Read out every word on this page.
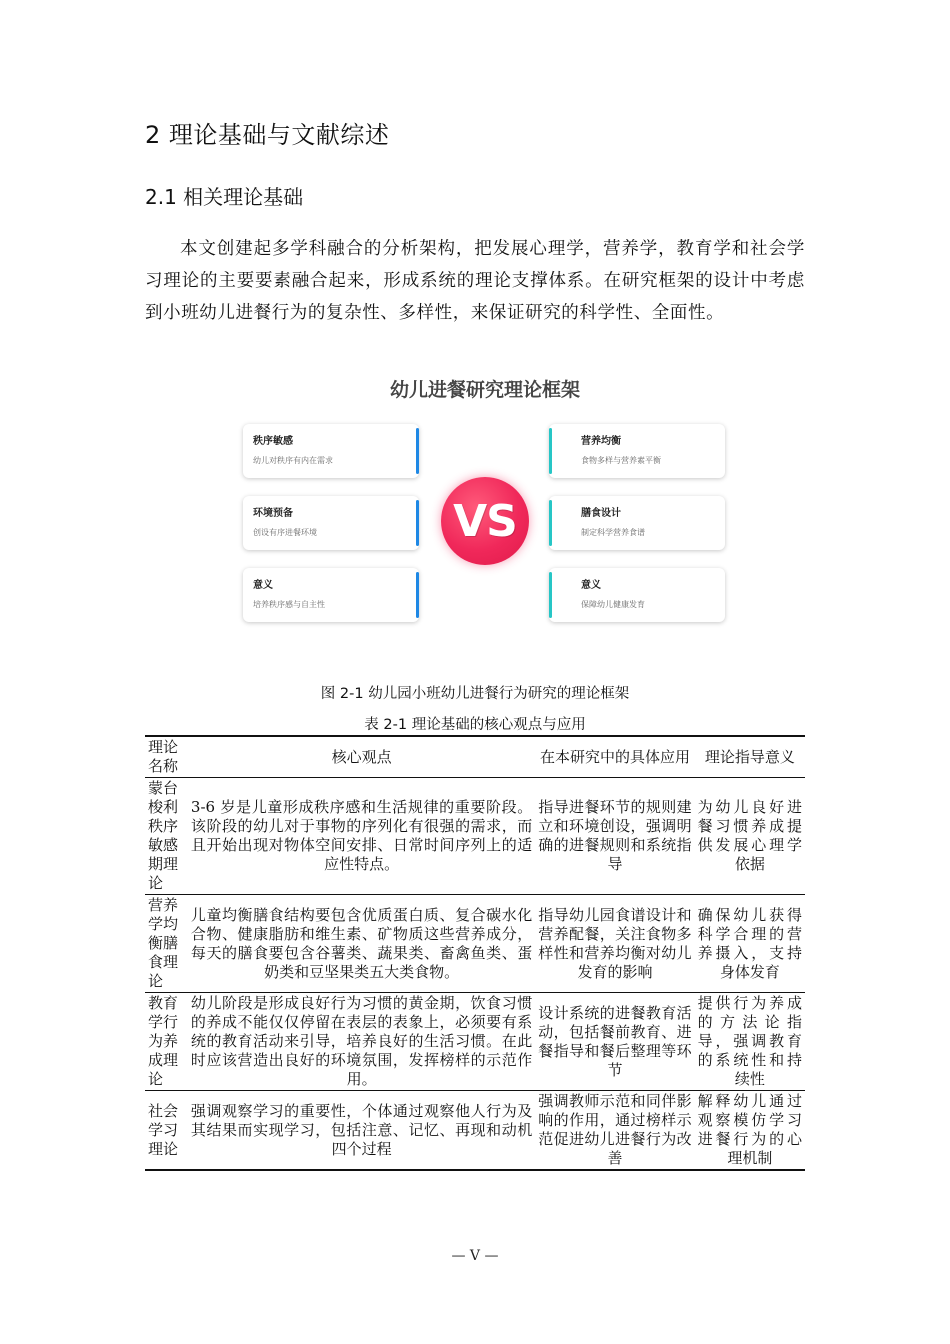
2 理论基础与文献综述
2.1 相关理论基础

本文创建起多学科融合的分析架构，把发展心理学，营养学，教育学和社会学习理论的主要要素融合起来，形成系统的理论支撑体系。在研究框架的设计中考虑到小班幼儿进餐行为的复杂性、多样性，来保证研究的科学性、全面性。

幼儿进餐研究理论框架
秩序敏感
幼儿对秩序有内在需求
环境预备
创设有序进餐环境
意义
培养秩序感与自主性
VS
营养均衡
食物多样与营养素平衡
膳食设计
制定科学营养食谱
意义
保障幼儿健康发育
图 2-1 幼儿园小班幼儿进餐行为研究的理论框架
表 2-1 理论基础的核心观点与应用
理论名称	核心观点	在本研究中的具体应用	理论指导意义
蒙台梭利秩序敏感期理论	3-6 岁是儿童形成秩序感和生活规律的重要阶段。该阶段的幼儿对于事物的序列化有很强的需求，而且开始出现对物体空间安排、日常时间序列上的适应性特点。	指导进餐环节的规则建立和环境创设，强调明确的进餐规则和系统指导	为幼儿良好进餐习惯养成提供发展心理学依据
营养学均衡膳食理论	儿童均衡膳食结构要包含优质蛋白质、复合碳水化合物、健康脂肪和维生素、矿物质这些营养成分，每天的膳食要包含谷薯类、蔬果类、畜禽鱼类、蛋奶类和豆坚果类五大类食物。	指导幼儿园食谱设计和营养配餐，关注食物多样性和营养均衡对幼儿发育的影响	确保幼儿获得科学合理的营养摄入，支持身体发育
教育学行为养成理论	幼儿阶段是形成良好行为习惯的黄金期，饮食习惯的养成不能仅仅停留在表层的表象上，必须要有系统的教育活动来引导，培养良好的生活习惯。在此时应该营造出良好的环境氛围，发挥榜样的示范作用。	设计系统的进餐教育活动，包括餐前教育、进餐指导和餐后整理等环节	提供行为养成的方法论指导，强调教育的系统性和持续性
社会学习理论	强调观察学习的重要性，个体通过观察他人行为及其结果而实现学习，包括注意、记忆、再现和动机四个过程	强调教师示范和同伴影响的作用，通过榜样示范促进幼儿进餐行为改善	解释幼儿通过观察模仿学习进餐行为的心理机制
— V —
